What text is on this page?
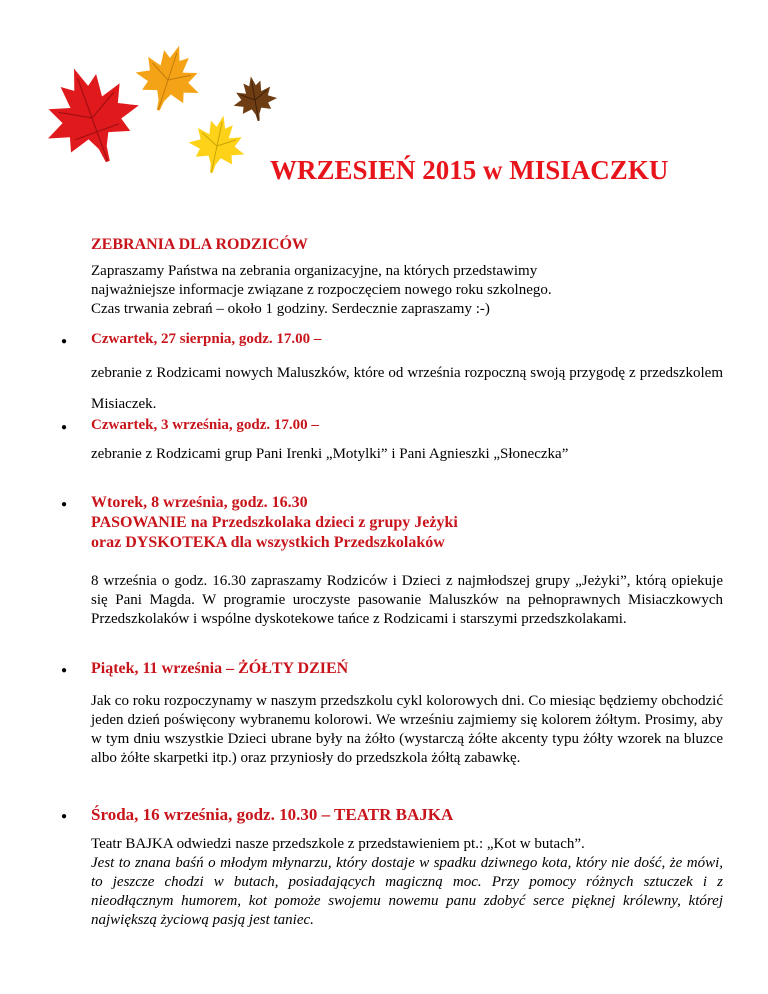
WRZESIEŃ 2015 w MISIACZKU
ZEBRANIA DLA RODZICÓW

Zapraszamy Państwa na zebrania organizacyjne, na których przedstawimy
najważniejsze informacje związane z rozpoczęciem nowego roku szkolnego.
Czas trwania zebrań – około 1 godziny. Serdecznie zapraszamy :-)

● Czwartek, 27 sierpnia, godz. 17.00 –

zebranie z Rodzicami nowych Maluszków, które od września rozpoczną swoją przygodę z przedszkolem Misiaczek.

● Czwartek, 3 września, godz. 17.00 –

zebranie z Rodzicami grup Pani Irenki „Motylki” i Pani Agnieszki „Słoneczka”

● Wtorek, 8 września, godz. 16.30
PASOWANIE na Przedszkolaka dzieci z grupy Jeżyki
oraz DYSKOTEKA dla wszystkich Przedszkolaków

8 września o godz. 16.30 zapraszamy Rodziców i Dzieci z najmłodszej grupy „Jeżyki”, którą opiekuje się Pani Magda. W programie uroczyste pasowanie Maluszków na pełnoprawnych Misiaczkowych Przedszkolaków i wspólne dyskotekowe tańce z Rodzicami i starszymi przedszkolakami.

● Piątek, 11 września – ŻÓŁTY DZIEŃ

Jak co roku rozpoczynamy w naszym przedszkolu cykl kolorowych dni. Co miesiąc będziemy obchodzić jeden dzień poświęcony wybranemu kolorowi. We wrześniu zajmiemy się kolorem żółtym. Prosimy, aby w tym dniu wszystkie Dzieci ubrane były na żółto (wystarczą żółte akcenty typu żółty wzorek na bluzce albo żółte skarpetki itp.) oraz przyniosły do przedszkola żółtą zabawkę.

● Środa, 16 września, godz. 10.30 – TEATR BAJKA

Teatr BAJKA odwiedzi nasze przedszkole z przedstawieniem pt.: „Kot w butach”.

Jest to znana baśń o młodym młynarzu, który dostaje w spadku dziwnego kota, który nie dość, że mówi, to jeszcze chodzi w butach, posiadających magiczną moc. Przy pomocy różnych sztuczek i z nieodłącznym humorem, kot pomoże swojemu nowemu panu zdobyć serce pięknej królewny, której największą życiową pasją jest taniec.
